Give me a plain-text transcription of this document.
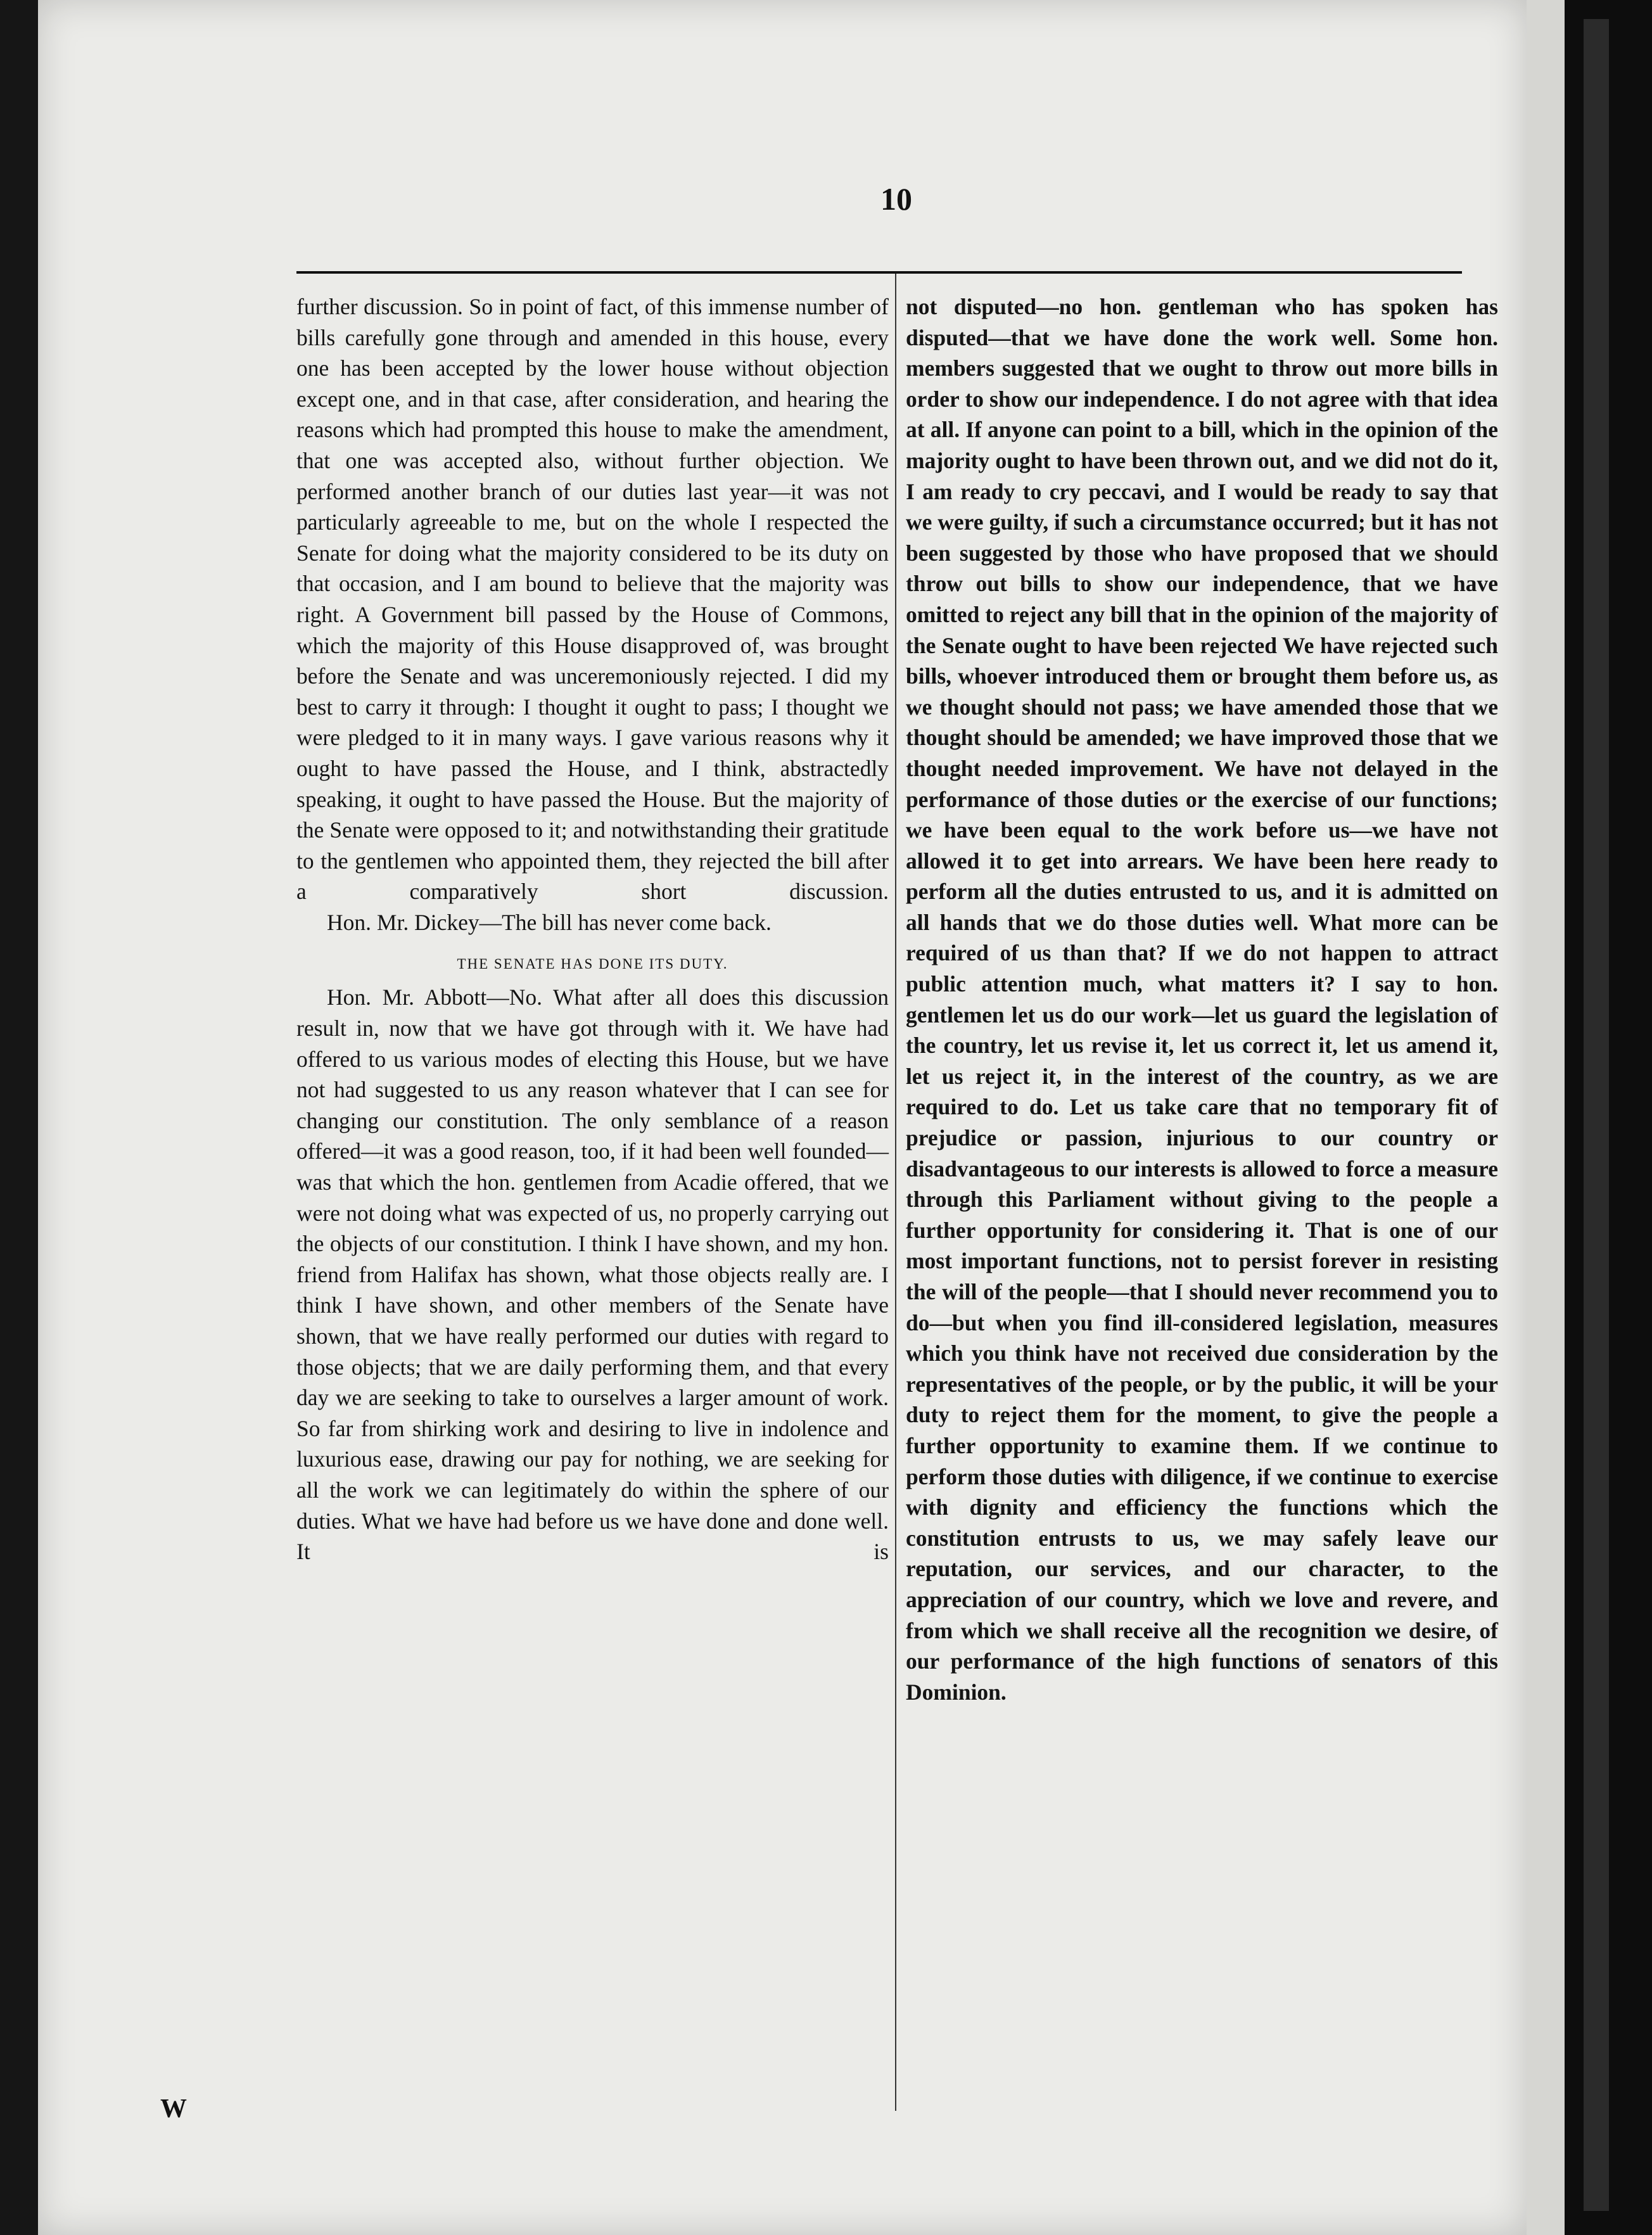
10

further discussion. So in point of fact, of this immense number of bills carefully gone through and amended in this house, every one has been accepted by the lower house without objection except one, and in that case, after consideration, and hearing the reasons which had prompted this house to make the amendment, that one was accepted also, without further objection. We performed another branch of our duties last year—it was not particularly agreeable to me, but on the whole I respected the Senate for doing what the majority considered to be its duty on that occasion, and I am bound to believe that the majority was right. A Government bill passed by the House of Commons, which the majority of this House disapproved of, was brought before the Senate and was unceremoniously rejected. I did my best to carry it through: I thought it ought to pass; I thought we were pledged to it in many ways. I gave various reasons why it ought to have passed the House, and I think, abstractedly speaking, it ought to have passed the House. But the majority of the Senate were opposed to it; and notwithstanding their gratitude to the gentlemen who appointed them, they rejected the bill after a comparatively short discussion.

Hon. Mr. Dickey—The bill has never come back.

THE SENATE HAS DONE ITS DUTY.

Hon. Mr. Abbott—No. What after all does this discussion result in, now that we have got through with it. We have had offered to us various modes of electing this House, but we have not had suggested to us any reason whatever that I can see for changing our constitution. The only semblance of a reason offered—it was a good reason, too, if it had been well founded—was that which the hon. gentlemen from Acadie offered, that we were not doing what was expected of us, no properly carrying out the objects of our constitution. I think I have shown, and my hon. friend from Halifax has shown, what those objects really are. I think I have shown, and other members of the Senate have shown, that we have really performed our duties with regard to those objects; that we are daily performing them, and that every day we are seeking to take to ourselves a larger amount of work. So far from shirking work and desiring to live in indolence and luxurious ease, drawing our pay for nothing, we are seeking for all the work we can legitimately do within the sphere of our duties. What we have had before us we have done and done well. It is

not disputed—no hon. gentleman who has spoken has disputed—that we have done the work well. Some hon. members suggested that we ought to throw out more bills in order to show our independence. I do not agree with that idea at all. If anyone can point to a bill, which in the opinion of the majority ought to have been thrown out, and we did not do it, I am ready to cry peccavi, and I would be ready to say that we were guilty, if such a circumstance occurred; but it has not been suggested by those who have proposed that we should throw out bills to show our independence, that we have omitted to reject any bill that in the opinion of the majority of the Senate ought to have been rejected We have rejected such bills, whoever introduced them or brought them before us, as we thought should not pass; we have amended those that we thought should be amended; we have improved those that we thought needed improvement. We have not delayed in the performance of those duties or the exercise of our functions; we have been equal to the work before us—we have not allowed it to get into arrears. We have been here ready to perform all the duties entrusted to us, and it is admitted on all hands that we do those duties well. What more can be required of us than that? If we do not happen to attract public attention much, what matters it? I say to hon. gentlemen let us do our work—let us guard the legislation of the country, let us revise it, let us correct it, let us amend it, let us reject it, in the interest of the country, as we are required to do. Let us take care that no temporary fit of prejudice or passion, injurious to our country or disadvantageous to our interests is allowed to force a measure through this Parliament without giving to the people a further opportunity for considering it. That is one of our most important functions, not to persist forever in resisting the will of the people—that I should never recommend you to do—but when you find ill-considered legislation, measures which you think have not received due consideration by the representatives of the people, or by the public, it will be your duty to reject them for the moment, to give the people a further opportunity to examine them. If we continue to perform those duties with diligence, if we continue to exercise with dignity and efficiency the functions which the constitution entrusts to us, we may safely leave our reputation, our services, and our character, to the appreciation of our country, which we love and revere, and from which we shall receive all the recognition we desire, of our performance of the high functions of senators of this Dominion.

W
